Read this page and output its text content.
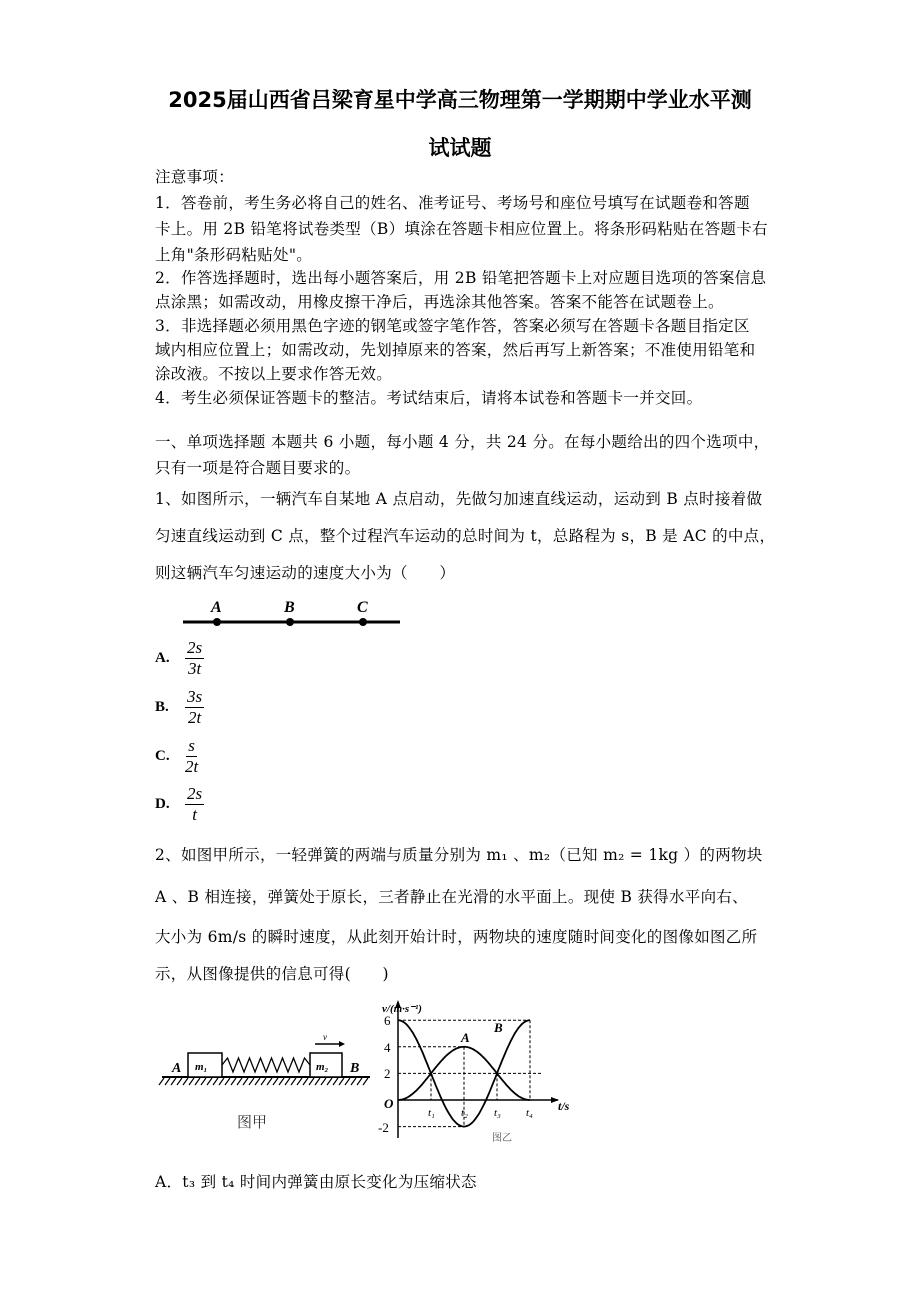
2025届山西省吕梁育星中学高三物理第一学期期中学业水平测
试试题
注意事项：
1．答卷前，考生务必将自己的姓名、准考证号、考场号和座位号填写在试题卷和答题
卡上。用 2B 铅笔将试卷类型（B）填涂在答题卡相应位置上。将条形码粘贴在答题卡右
上角"条形码粘贴处"。
2．作答选择题时，选出每小题答案后，用 2B 铅笔把答题卡上对应题目选项的答案信息
点涂黑；如需改动，用橡皮擦干净后，再选涂其他答案。答案不能答在试题卷上。
3．非选择题必须用黑色字迹的钢笔或签字笔作答，答案必须写在答题卡各题目指定区
域内相应位置上；如需改动，先划掉原来的答案，然后再写上新答案；不准使用铅笔和
4．考生必须保证答题卡的整洁。考试结束后，请将本试卷和答题卡一并交回。
一、单项选择题 本题共 6 小题，每小题 4 分，共 24 分。在每小题给出的四个选项中，
只有一项是符合题目要求的。
1、如图所示，一辆汽车自某地 A 点启动，先做匀加速直线运动，运动到 B 点时接着做
匀速直线运动到 C 点，整个过程汽车运动的总时间为 t，总路程为 s，B 是 AC 的中点，
则这辆汽车匀速运动的速度大小为（　　）
A	B	C
A. $\frac{2s}{3t}$
B. $\frac{3s}{2t}$
C. $\frac{s}{2t}$
D. $\frac{2s}{t}$
2、如图甲所示，一轻弹簧的两端与质量分别为 m₁ 、m₂（已知 m₂ = 1kg ）的两物块
A 、B 相连接，弹簧处于原长，三者静止在光滑的水平面上。现使 B 获得水平向右、
大小为 6m/s 的瞬时速度，从此刻开始计时，两物块的速度随时间变化的图像如图乙所
示，从图像提供的信息可得(　　)
v
m₁	m₂
A	B
图甲
v/(m·s⁻¹)
t/s
O
6
4
2
-2
t₁ t₂ t₃ t₄
A
B
图乙
A．t₃ 到 t₄ 时间内弹簧由原长变化为压缩状态
涂改液。不按以上要求作答无效。
